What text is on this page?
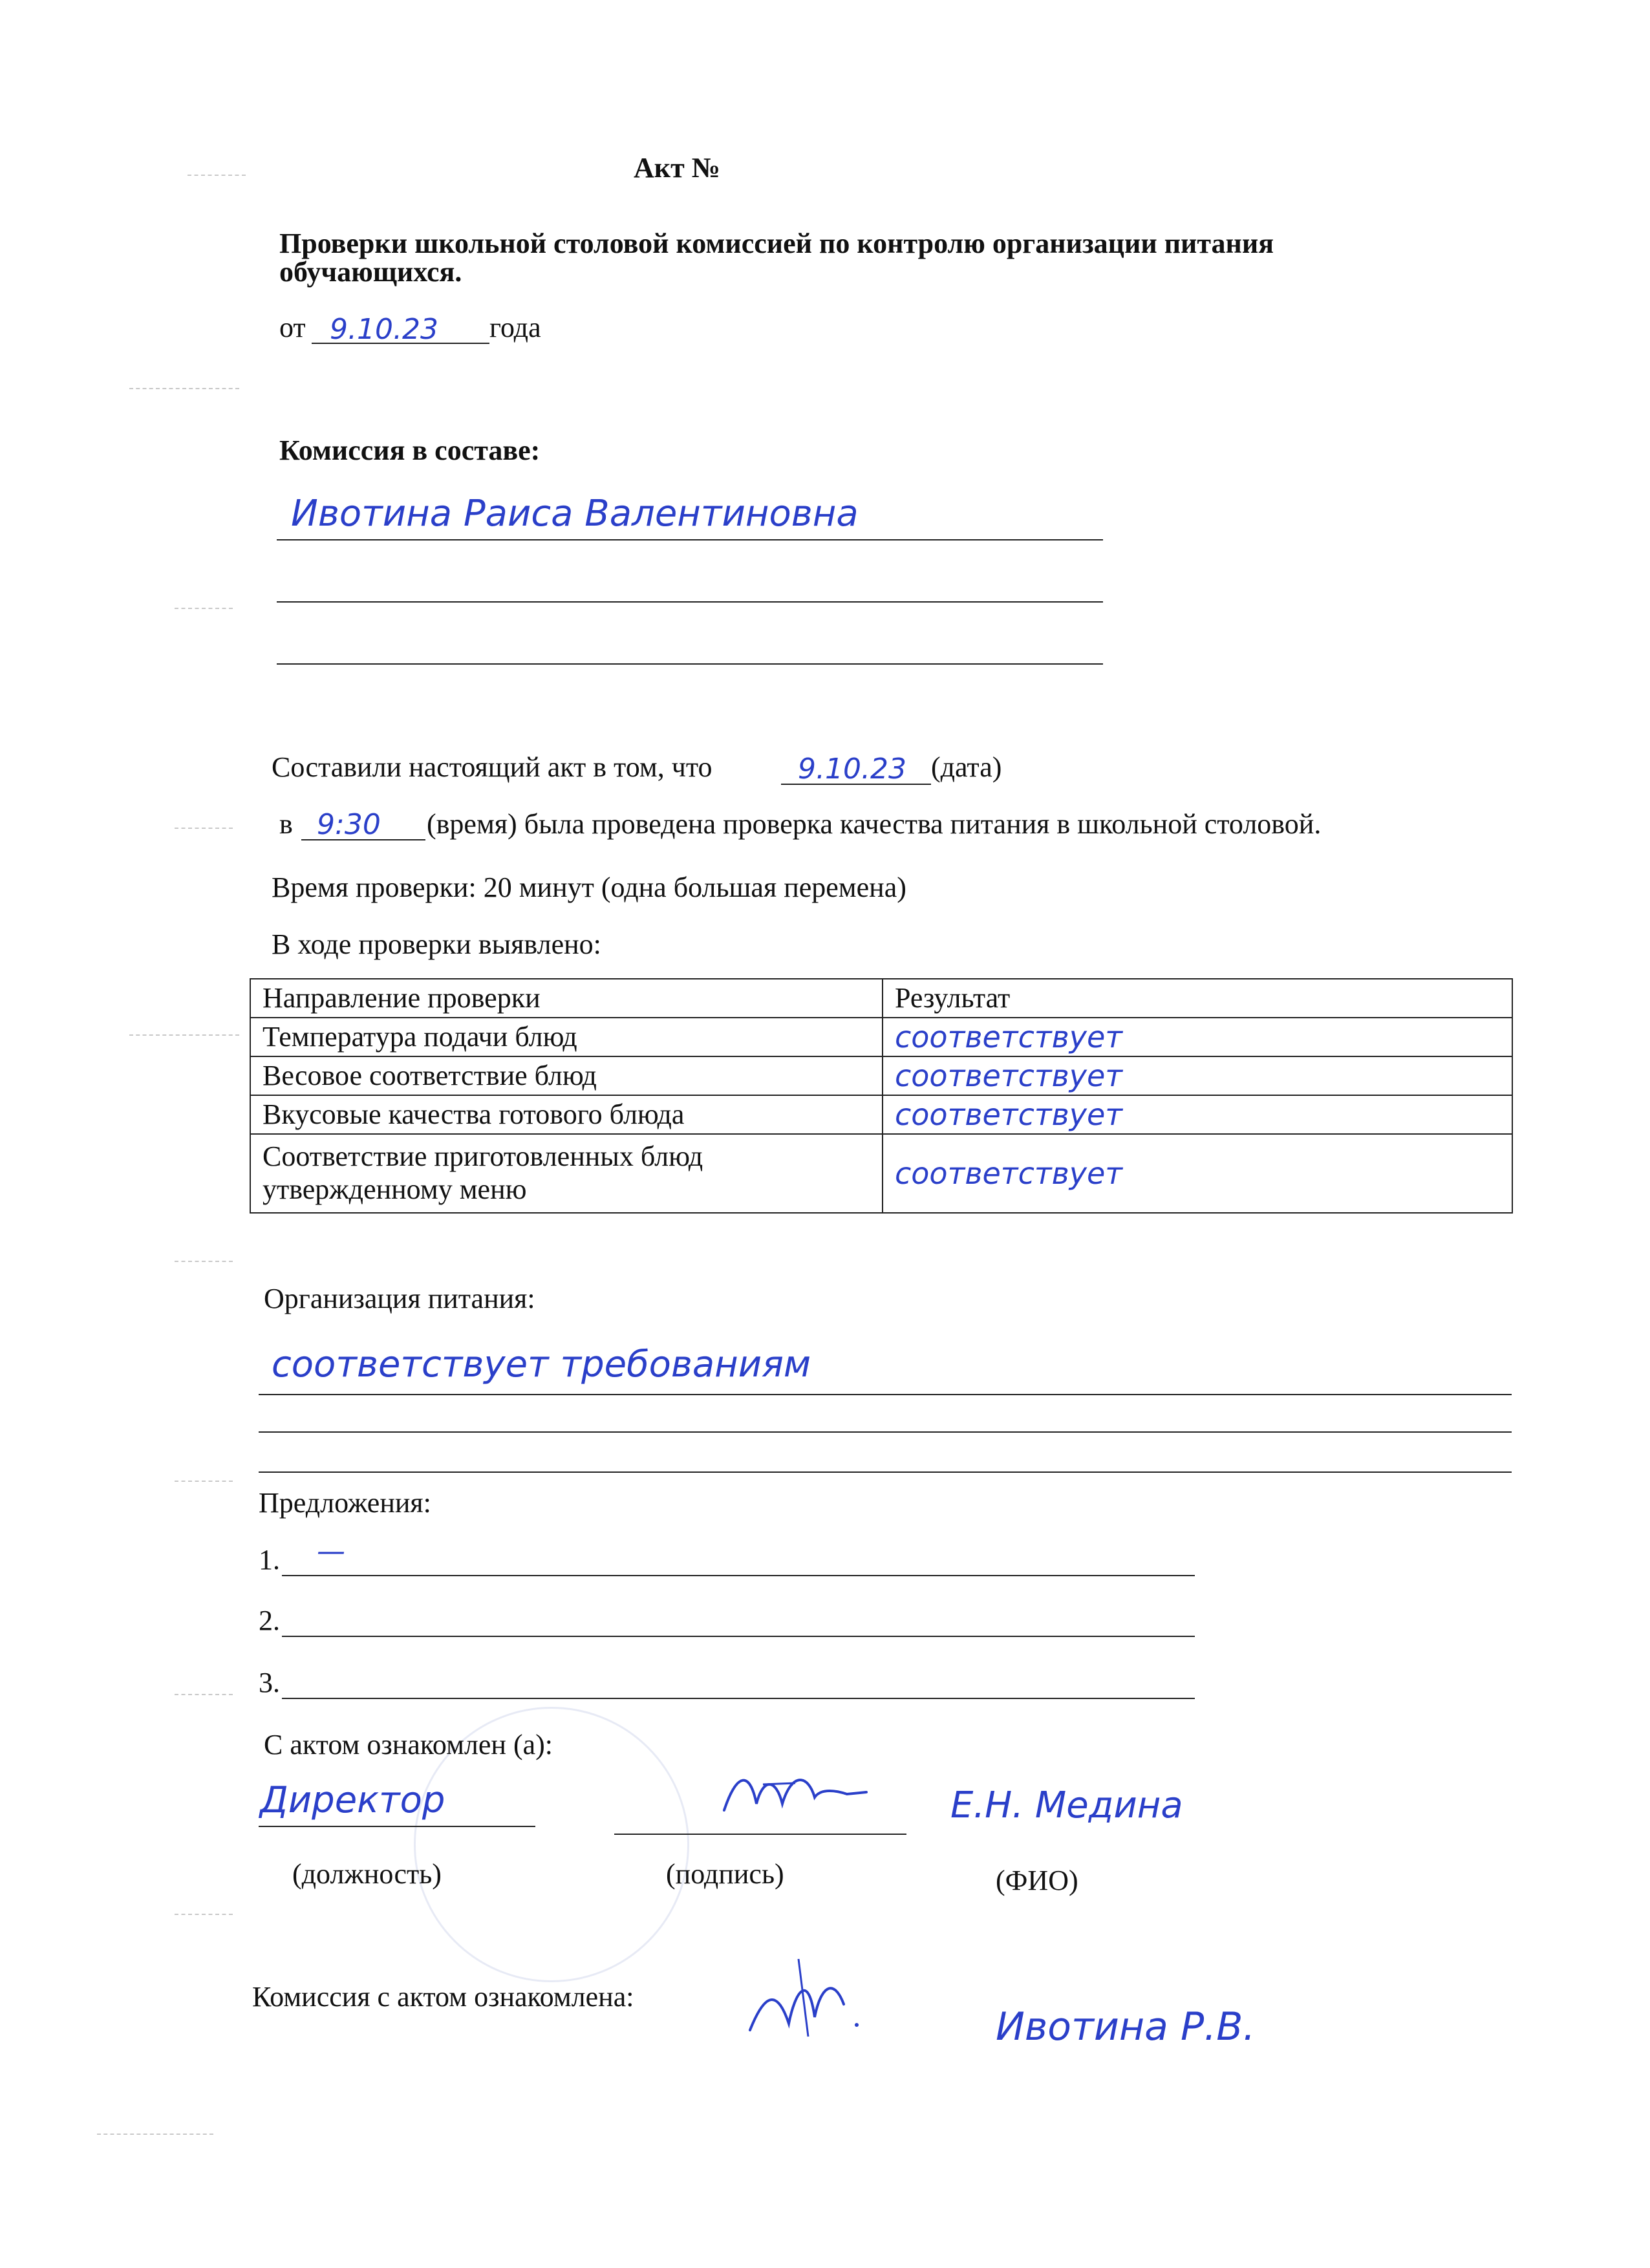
Акт №
Проверки школьной столовой комиссией по контролю организации питания
обучающихся.
от 9.10.23 года
Комиссия в составе:
Ивотина Раиса Валентиновна
Составили настоящий акт в том, что	9.10.23 (дата)
в 9:30 (время) была проведена проверка качества питания в школьной столовой.
Время проверки: 20 минут (одна большая перемена)
В ходе проверки выявлено:
Направление проверки	Результат
Температура подачи блюд	соответствует
Весовое соответствие блюд	соответствует
Вкусовые качества готового блюда	соответствует

Соответствие приготовленных блюд
утвержденному меню	соответствует
Организация питания:
соответствует требованиям
Предложения:
1. —
2.
3.
С актом ознакомлен (а):
Директор	Е.Н. Медина
(должность)	(подпись)	(ФИО)
Комиссия с актом ознакомлена:
Ивотина Р.В.
